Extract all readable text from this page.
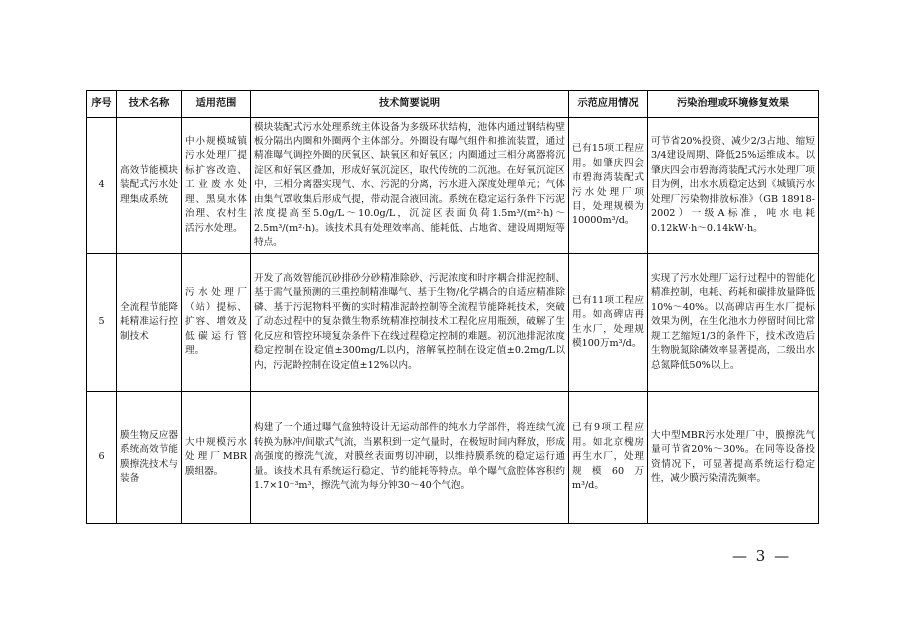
序号	技术名称	适用范围	技术简要说明	示范应用情况	污染治理或环境修复效果
4	高效节能模块装配式污水处理集成系统	中小规模城镇污水处理厂提标扩容改造、工业废水处理、黑臭水体治理、农村生活污水处理。	模块装配式污水处理系统主体设备为多级环状结构，池体内通过钢结构壁板分隔出内圈和外圈两个主体部分。外圈设有曝气组件和推流装置，通过精准曝气调控外圈的厌氧区、缺氧区和好氧区；内圈通过三相分离器将沉淀区和好氧区叠加，形成好氧沉淀区，取代传统的二沉池。在好氧沉淀区中，三相分离器实现气、水、污泥的分离，污水进入深度处理单元；气体由集气罩收集后形成气提，带动混合液回流。系统在稳定运行条件下污泥浓度提高至5.0g/L～10.0g/L，沉淀区表面负荷1.5m³/(m²·h)～2.5m³/(m²·h)。该技术具有处理效率高、能耗低、占地省、建设周期短等特点。	已有15项工程应用。如肇庆四会市碧海湾装配式污水处理厂项目，处理规模为10000m³/d。	可节省20%投资、减少2/3占地、缩短3/4建设周期、降低25%运维成本。以肇庆四会市碧海湾装配式污水处理厂项目为例，出水水质稳定达到《城镇污水处理厂污染物排放标准》（GB 18918-2002）一级A标准，吨水电耗0.12kW·h～0.14kW·h。
5	全流程节能降耗精准运行控制技术	污水处理厂（站）提标、扩容、增效及低碳运行管理。	开发了高效智能沉砂排砂分砂精准除砂、污泥浓度和时序耦合排泥控制、基于需气量预测的三重控制精准曝气、基于生物/化学耦合的自适应精准除磷、基于污泥物料平衡的实时精准泥龄控制等全流程节能降耗技术，突破了动态过程中的复杂微生物系统精准控制技术工程化应用瓶颈，破解了生化反应和管控环境复杂条件下在线过程稳定控制的难题。初沉池排泥浓度稳定控制在设定值±300mg/L以内，溶解氧控制在设定值±0.2mg/L以内，污泥龄控制在设定值±12%以内。	已有11项工程应用。如高碑店再生水厂，处理规模100万m³/d。	实现了污水处理厂运行过程中的智能化精准控制，电耗、药耗和碳排放量降低10%～40%。以高碑店再生水厂提标效果为例，在生化池水力停留时间比常规工艺缩短1/3的条件下，技术改造后生物脱氮除磷效率显著提高，二级出水总氮降低50%以上。
6	膜生物反应器系统高效节能膜擦洗技术与装备	大中规模污水处理厂MBR膜组器。	构建了一个通过曝气盒独特设计无运动部件的纯水力学部件，将连续气流转换为脉冲/间歇式气流，当累积到一定气量时，在极短时间内释放，形成高强度的擦洗气流，对膜丝表面剪切冲刷，以维持膜系统的稳定运行通量。该技术具有系统运行稳定、节约能耗等特点。单个曝气盒腔体容积约1.7×10⁻³m³，擦洗气流为每分钟30～40个气泡。	已有9项工程应用。如北京槐房再生水厂，处理规模60万m³/d。	大中型MBR污水处理厂中，膜擦洗气量可节省20%～30%。在同等设备投资情况下，可显著提高系统运行稳定性，减少膜污染清洗频率。
— 3 —
